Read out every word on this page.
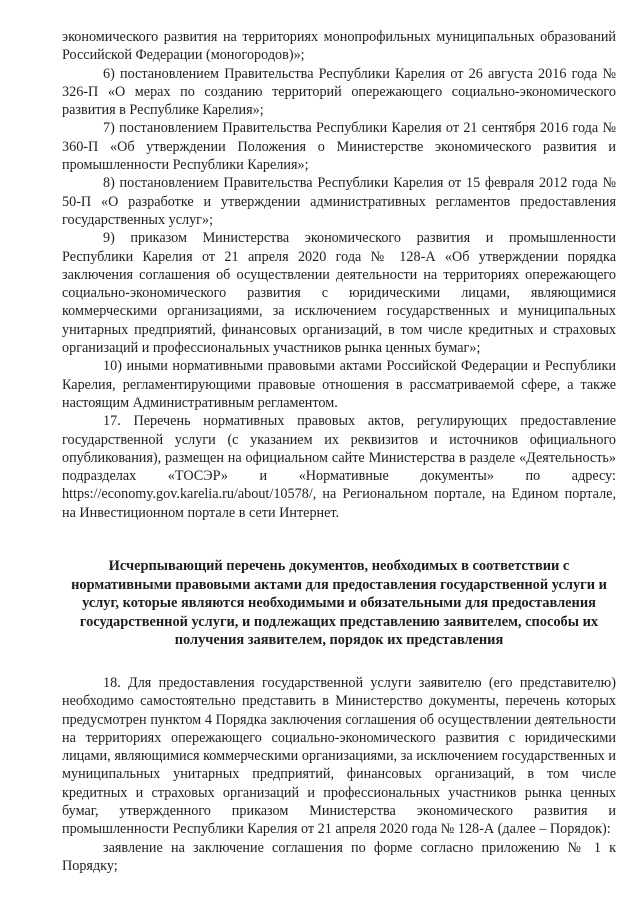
экономического развития на территориях монопрофильных муниципальных образований Российской Федерации (моногородов)»;

6) постановлением Правительства Республики Карелия от 26 августа 2016 года № 326-П «О мерах по созданию территорий опережающего социально-экономического развития в Республике Карелия»;

7) постановлением Правительства Республики Карелия от 21 сентября 2016 года № 360-П «Об утверждении Положения о Министерстве экономического развития и промышленности Республики Карелия»;

8) постановлением Правительства Республики Карелия от 15 февраля 2012 года № 50-П «О разработке и утверждении административных регламентов предоставления государственных услуг»;

9) приказом Министерства экономического развития и промышленности Республики Карелия от 21 апреля 2020 года № 128-А «Об утверждении порядка заключения соглашения об осуществлении деятельности на территориях опережающего социально-экономического развития с юридическими лицами, являющимися коммерческими организациями, за исключением государственных и муниципальных унитарных предприятий, финансовых организаций, в том числе кредитных и страховых организаций и профессиональных участников рынка ценных бумаг»;

10) иными нормативными правовыми актами Российской Федерации и Республики Карелия, регламентирующими правовые отношения в рассматриваемой сфере, а также настоящим Административным регламентом.

17. Перечень нормативных правовых актов, регулирующих предоставление государственной услуги (с указанием их реквизитов и источников официального опубликования), размещен на официальном сайте Министерства в разделе «Деятельность» подразделах «ТОСЭР» и «Нормативные документы» по адресу: https://economy.gov.karelia.ru/about/10578/, на Региональном портале, на Едином портале, на Инвестиционном портале в сети Интернет.

Исчерпывающий перечень документов, необходимых в соответствии с нормативными правовыми актами для предоставления государственной услуги и услуг, которые являются необходимыми и обязательными для предоставления государственной услуги, и подлежащих представлению заявителем, способы их получения заявителем, порядок их представления

18. Для предоставления государственной услуги заявителю (его представителю) необходимо самостоятельно представить в Министерство документы, перечень которых предусмотрен пунктом 4 Порядка заключения соглашения об осуществлении деятельности на территориях опережающего социально-экономического развития с юридическими лицами, являющимися коммерческими организациями, за исключением государственных и муниципальных унитарных предприятий, финансовых организаций, в том числе кредитных и страховых организаций и профессиональных участников рынка ценных бумаг, утвержденного приказом Министерства экономического развития и промышленности Республики Карелия от 21 апреля 2020 года № 128-А (далее – Порядок):

заявление на заключение соглашения по форме согласно приложению № 1 к Порядку;
